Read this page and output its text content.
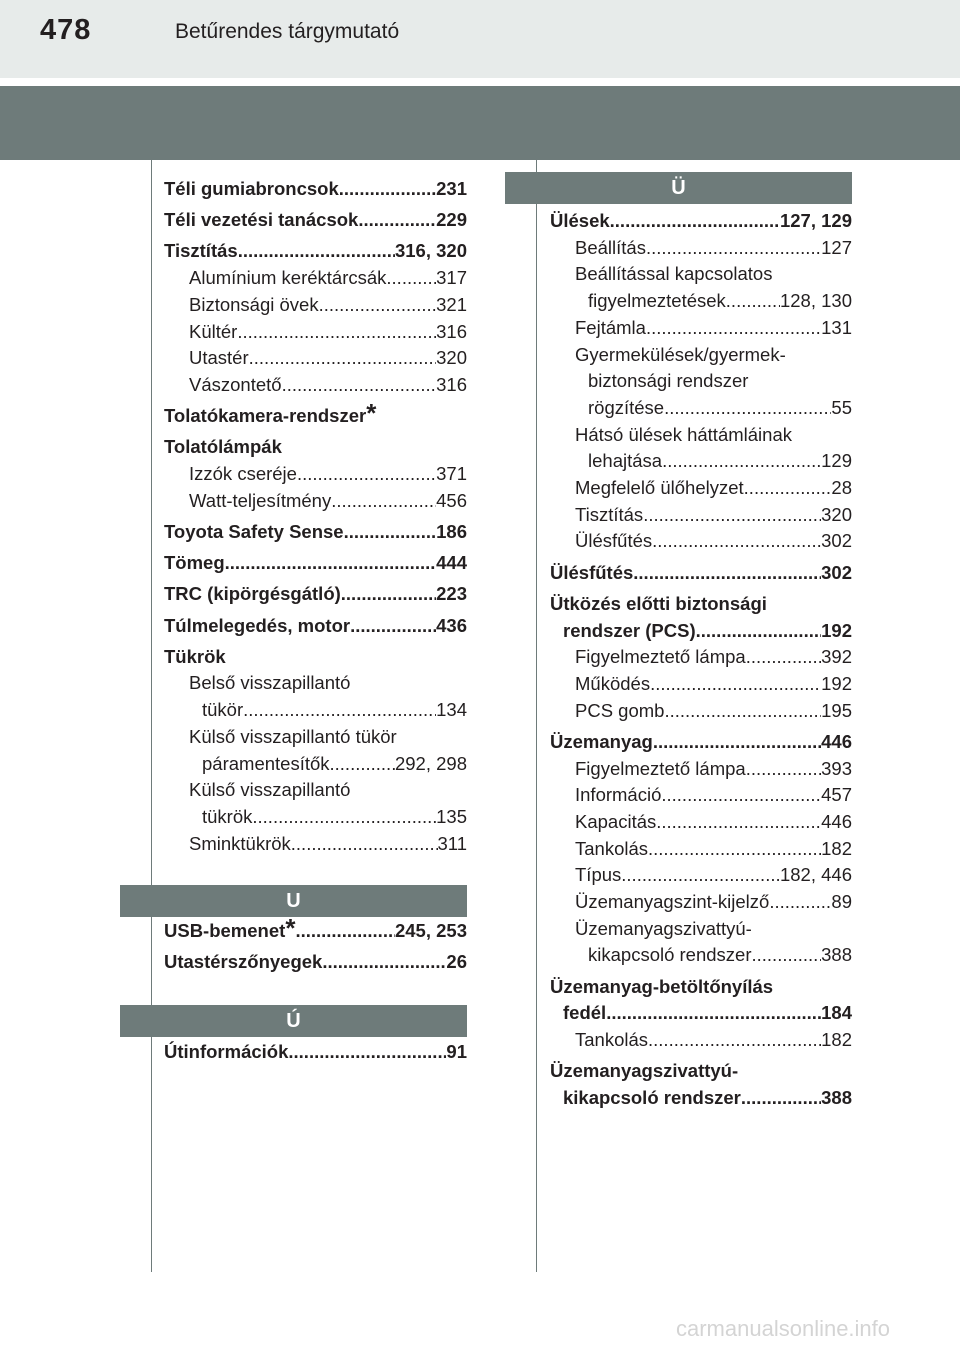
478	Betűrendes tárgymutató
Ü
Téli gumiabroncsok .....	231
Téli vezetési tanácsok .....	229
Tisztítás .....	316, 320
Alumínium keréktárcsák .....	317
Biztonsági övek .....	321
Kültér .....	316
Utastér .....	320
Vászontető .....	316
Tolatókamera-rendszer *
Tolatólámpák
Izzók cseréje .....	371
Watt-teljesítmény .....	456
Toyota Safety Sense .....	186
Tömeg .....	444
TRC (kipörgésgátló) .....	223
Túlmelegedés, motor .....	436
Tükrök
Belső visszapillantó
tükör .....	134
Külső visszapillantó tükör
páramentesítők .....	292, 298
Külső visszapillantó
tükrök .....	135
Sminktükrök .....	311
U
USB-bemenet * .....	245, 253
Utastérszőnyegek .....	26
Ú
Útinformációk .....	91
Ülések .....	127, 129
Beállítás .....	127
Beállítással kapcsolatos
figyelmeztetések .....	128, 130
Fejtámla .....	131
Gyermekülések/gyermek-
biztonsági rendszer
rögzítése .....	55
Hátsó ülések háttámláinak
lehajtása .....	129
Megfelelő ülőhelyzet .....	28
Tisztítás .....	320
Ülésfűtés .....	302
Ülésfűtés .....	302
Ütközés előtti biztonsági
rendszer (PCS) .....	192
Figyelmeztető lámpa .....	392
Működés .....	192
PCS gomb .....	195
Üzemanyag .....	446
Figyelmeztető lámpa .....	393
Információ .....	457
Kapacitás .....	446
Tankolás .....	182
Típus .....	182, 446
Üzemanyagszint-kijelző .....	89
Üzemanyagszivattyú-
kikapcsoló rendszer .....	388
Üzemanyag-betöltőnyílás
fedél .....	184
Tankolás .....	182
Üzemanyagszivattyú-
kikapcsoló rendszer .....	388
carmanualsonline.info
